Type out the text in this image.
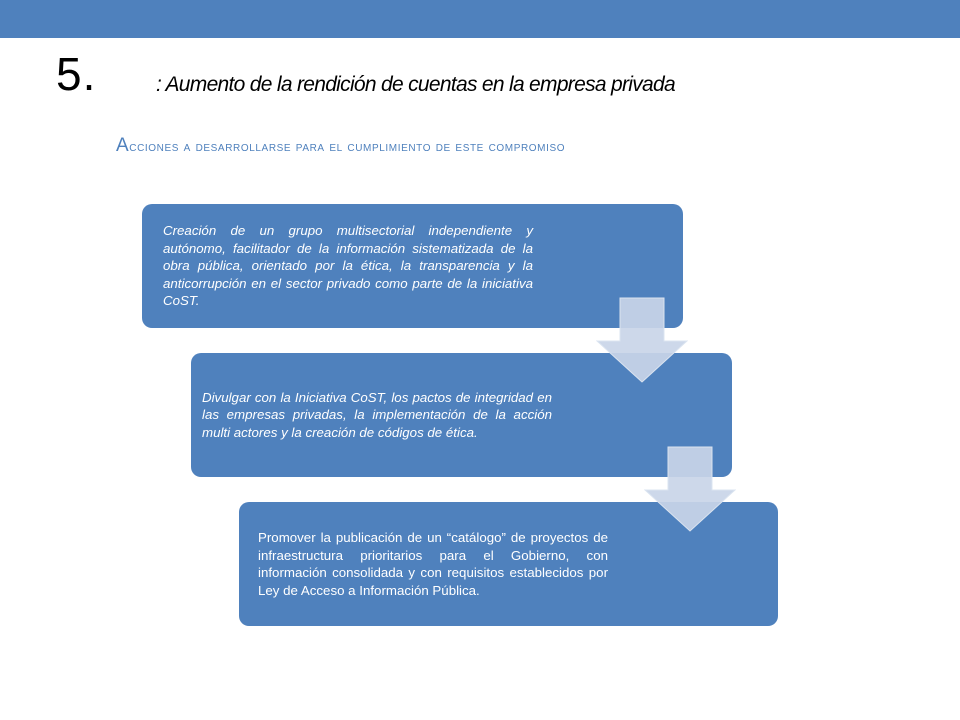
5.	: Aumento de la rendición de cuentas en la empresa privada
Acciones a desarrollarse para el cumplimiento de este compromiso
Creación de un grupo multisectorial independiente y autónomo, facilitador de la información sistematizada de la obra pública, orientado por la ética, la transparencia y la anticorrupción en el sector privado como parte de la iniciativa CoST.
Divulgar con la Iniciativa CoST, los pactos de integridad en las empresas privadas, la implementación de la acción multi actores y la creación de códigos de ética.
Promover la publicación de un “catálogo” de proyectos de infraestructura prioritarios para el Gobierno, con información consolidada y con requisitos establecidos por Ley de Acceso a Información Pública.
